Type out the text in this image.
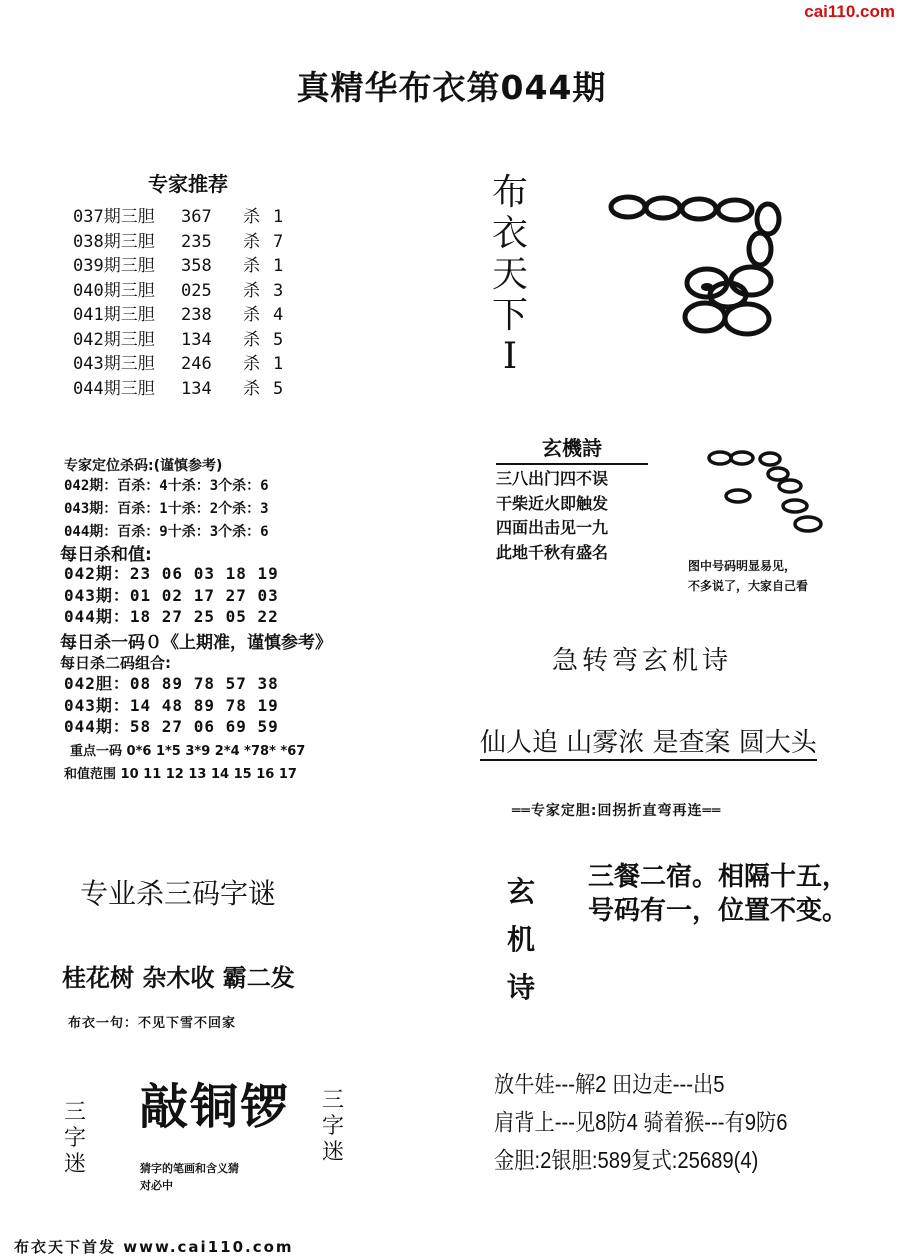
cai110.com
真精华布衣第044期
专家推荐
037期三胆 367 杀 1
038期三胆 235 杀 7
039期三胆 358 杀 1
040期三胆 025 杀 3
041期三胆 238 杀 4
042期三胆 134 杀 5
043期三胆 246 杀 1
044期三胆 134 杀 5
专家定位杀码:(谨慎参考)
042期：百杀：4十杀：3个杀：6
043期：百杀：1十杀：2个杀：3
044期：百杀：9十杀：3个杀：6
每日杀和值:
042期：23 06 03 18 19
043期：01 02 17 27 03
044期：18 27 25 05 22
每日杀一码０《上期准，谨慎参考》
每日杀二码组合:
042胆：08 89 78 57 38
043期：14 48 89 78 19
044期：58 27 06 69 59
重点一码 0*6 1*5 3*9 2*4 *78* *67
和值范围 10 11 12 13 14 15 16 17
布
衣
天
下
I
玄機詩
三八出门四不误
干柴近火即触发
四面出击见一九
此地千秋有盛名
图中号码明显易见，
不多说了，大家自己看
急转弯玄机诗
仙人追 山雾浓 是查案 圆大头
══专家定胆:回拐折直弯再连══
玄
机
诗
三餐二宿。相隔十五，
号码有一，位置不变。
放牛娃---解2 田边走---出5
肩背上---见8防4 骑着猴---有9防6
金胆:2银胆:589复式:25689(4)
专业杀三码字谜
桂花树 杂木收 霸二发
布衣一句：不见下雪不回家
三
字
迷
敲铜锣 三
字
迷
猜字的笔画和含义猜
对必中
布衣天下首发 www.cai110.com
